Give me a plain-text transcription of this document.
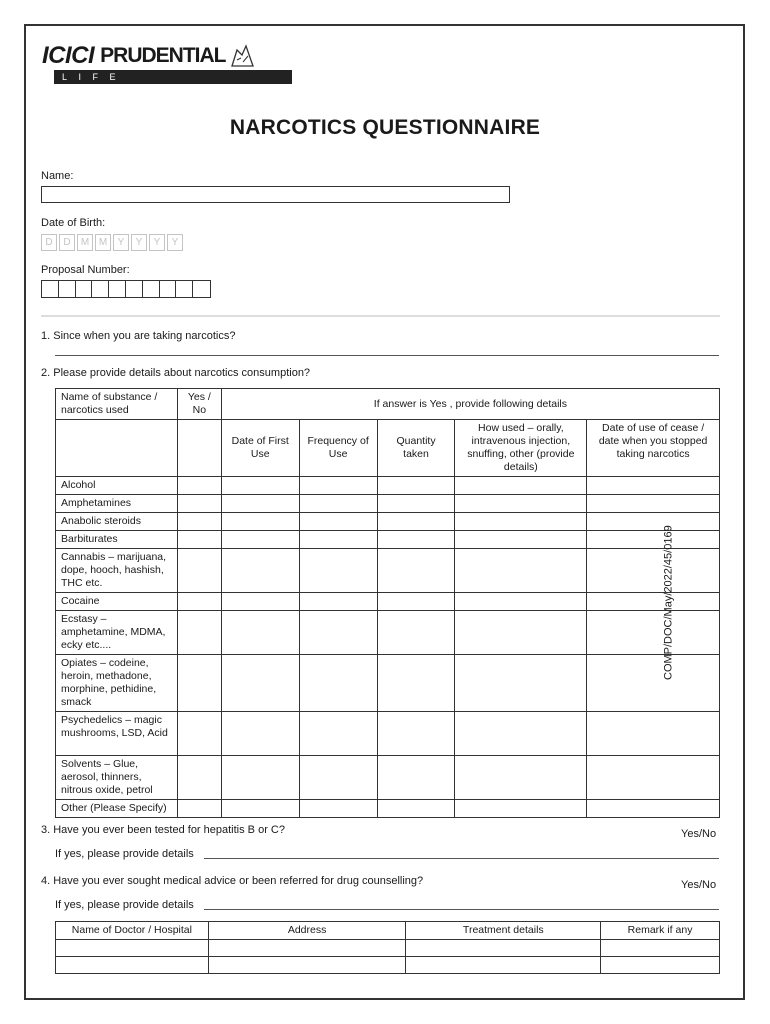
ICICI PRUDENTIAL
LIFE INSURANCE
NARCOTICS QUESTIONNAIRE
Name:
Date of Birth:
D	D	M M	Y	Y	Y	Y
Proposal Number:
1. Since when you are taking narcotics?
2. Please provide details about narcotics consumption?
Name of substance / narcotics used	Yes / No	If answer is Yes , provide following details				
		Date of First Use	Frequency of Use	Quantity taken	How used – orally, intravenous injection, snuffing, other (provide details)	Date of use of cease / date when you stopped taking narcotics
Alcohol						
Amphetamines						
Anabolic steroids						
Barbiturates						
Cannabis – marijuana, dope, hooch, hashish, THC etc.						
Cocaine						
Ecstasy – amphetamine, MDMA, ecky etc....						
Opiates – codeine, heroin, methadone, morphine, pethidine, smack						
Psychedelics – magic mushrooms, LSD, Acid						
Solvents – Glue, aerosol, thinners, nitrous oxide, petrol						
Other (Please Specify)						
3. Have you ever been tested for hepatitis B or C?	Yes/No
If yes, please provide details
4. Have you ever sought medical advice or been referred for drug counselling?	Yes/No
If yes, please provide details
Name of Doctor / Hospital	Address	Treatment details	Remark if any

COMP/DOC/May/2022/45/0169
